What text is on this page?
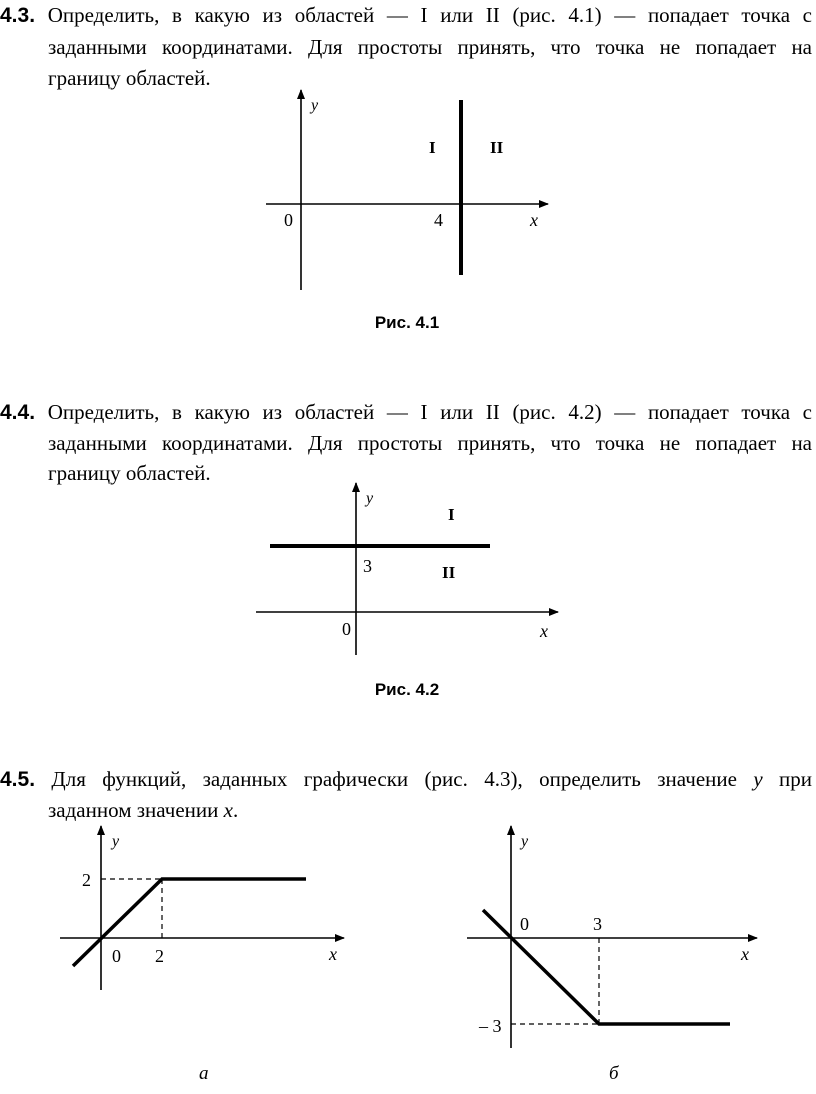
4.3. Определить, в какую из областей — I или II (рис. 4.1) — попадает точка с
заданными координатами. Для простоты принять, что точка не попадает на
границу областей.
y
x
0	4
I	II
Рис. 4.1
4.4. Определить, в какую из областей — I или II (рис. 4.2) — попадает точка с
заданными координатами. Для простоты принять, что точка не попадает на
границу областей.
y
x
0
3
I
II
Рис. 4.2
4.5. Для функций, заданных графически (рис. 4.3), определить значение y при
заданном значении x.
y
x
2
0 2
а
y
x
0	3
– 3
б
